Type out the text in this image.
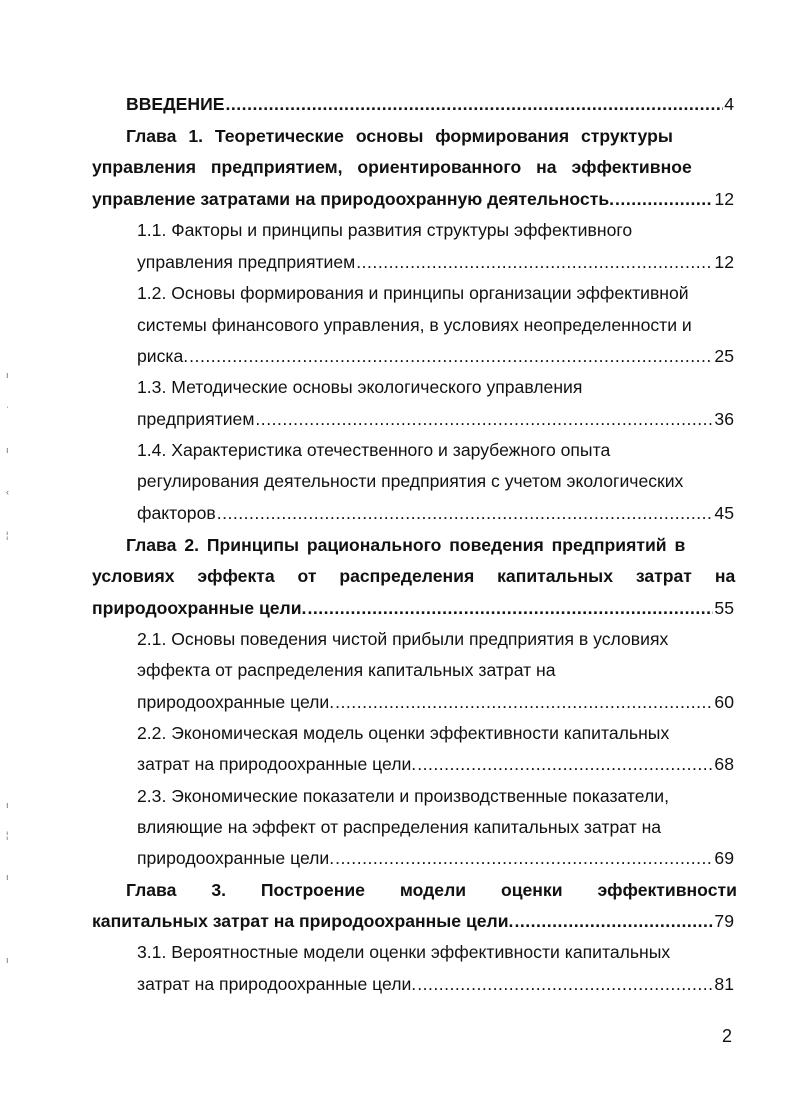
ВВЕДЕНИЕ .....	4
Глава 1. Теоретические основы формирования структуры
управления предприятием, ориентированного на эффективное
управление затратами на природоохранную деятельность. .....	12
1.1. Факторы и принципы развития структуры эффективного
управления предприятием .....	12
1.2. Основы формирования и принципы организации эффективной
системы финансового управления, в условиях неопределенности и
риска. .....	25
1.3. Методические основы экологического управления
предприятием .....	36
1.4. Характеристика отечественного и зарубежного опыта
регулирования деятельности предприятия с учетом экологических
факторов .....	45
Глава 2. Принципы рационального поведения предприятий в
условиях эффекта от распределения капитальных затрат на
природоохранные цели. .....	55
2.1. Основы поведения чистой прибыли предприятия в условиях
эффекта от распределения капитальных затрат на
природоохранные цели. .....	60
2.2. Экономическая модель оценки эффективности капитальных
затрат на природоохранные цели. .....	68
2.3. Экономические показатели и производственные показатели,
влияющие на эффект от распределения капитальных затрат на
природоохранные цели. .....	69
Глава 3. Построение модели оценки эффективности
капитальных затрат на природоохранные цели. .....	79
3.1. Вероятностные модели оценки эффективности капитальных
затрат на природоохранные цели. .....	81
ı
ˈ
ı
‹
¦
ı
¦
ı
ı
2
